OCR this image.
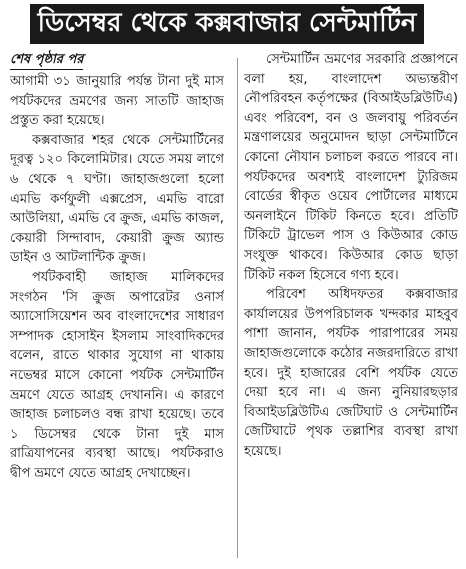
ডিসেম্বর থেকে কক্সবাজার সেন্টমার্টিন
শেষ পৃষ্ঠার পর

আগামী ৩১ জানুয়ারি পর্যন্ত টানা দুই মাস পর্যটকদের ভ্রমণের জন্য সাতটি জাহাজ প্রস্তুত করা হয়েছে।

কক্সবাজার শহর থেকে সেন্টমার্টিনের দূরত্ব ১২০ কিলোমিটার। যেতে সময় লাগে ৬ থেকে ৭ ঘণ্টা। জাহাজগুলো হলো এমভি কর্ণফুলী এক্সপ্রেস, এমভি বারো আউলিয়া, এমভি বে ক্রুজ, এমভি কাজল, কেয়ারী সিন্দাবাদ, কেয়ারী ক্রুজ অ্যান্ড ডাইন ও আটলান্টিক ক্রুজ।

পর্যটকবাহী জাহাজ মালিকদের সংগঠন 'সি ক্রুজ অপারেটর ওনার্স অ্যাসোসিয়েশন অব বাংলাদেশের সাধারণ সম্পাদক হোসাইন ইসলাম সাংবাদিকদের বলেন, রাতে থাকার সুযোগ না থাকায় নভেম্বর মাসে কোনো পর্যটক সেন্টমার্টিন ভ্রমণে যেতে আগ্রহ দেখাননি। এ কারণে জাহাজ চলাচলও বন্ধ রাখা হয়েছে। তবে ১ ডিসেম্বর থেকে টানা দুই মাস রাত্রিযাপনের ব্যবস্থা আছে। পর্যটকরাও দ্বীপ ভ্রমণে যেতে আগ্রহ দেখাচ্ছেন।

সেন্টমার্টিন ভ্রমণের সরকারি প্রজ্ঞাপনে বলা হয়, বাংলাদেশ অভ্যন্তরীণ নৌপরিবহন কর্তৃপক্ষের (বিআইডব্লিউটিএ) এবং পরিবেশ, বন ও জলবায়ু পরিবর্তন মন্ত্রণালয়ের অনুমোদন ছাড়া সেন্টমার্টিনে কোনো নৌযান চলাচল করতে পারবে না। পর্যটকদের অবশ্যই বাংলাদেশ ট্যুরিজম বোর্ডের স্বীকৃত ওয়েব পোর্টালের মাধ্যমে অনলাইনে টিকিট কিনতে হবে। প্রতিটি টিকিটে ট্রাভেল পাস ও কিউআর কোড সংযুক্ত থাকবে। কিউআর কোড ছাড়া টিকিট নকল হিসেবে গণ্য হবে।

পরিবেশ অধিদফতর কক্সবাজার কার্যালয়ের উপপরিচালক খন্দকার মাহবুব পাশা জানান, পর্যটক পারাপারের সময় জাহাজগুলোকে কঠোর নজরদারিতে রাখা হবে। দুই হাজারের বেশি পর্যটক যেতে দেয়া হবে না। এ জন্য নুনিয়ারছড়ার বিআইডব্লিউটিএ জেটিঘাট ও সেন্টমার্টিন জেটিঘাটে পৃথক তল্লাশির ব্যবস্থা রাখা হয়েছে।
